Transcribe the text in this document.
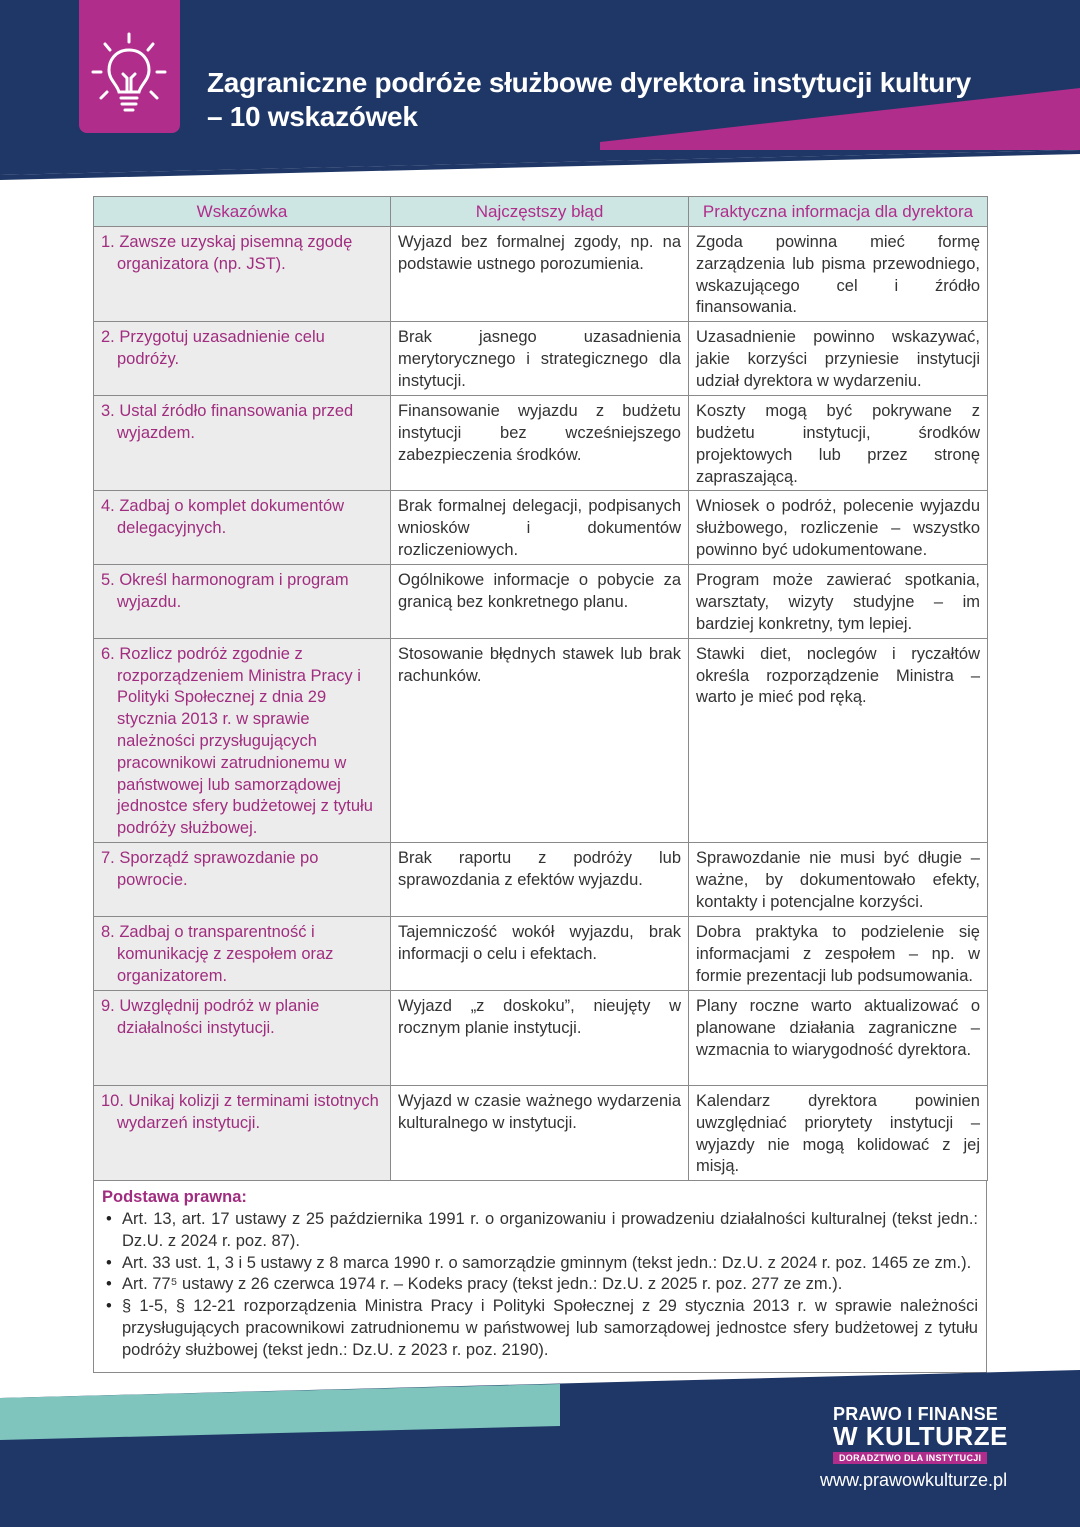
Zagraniczne podróże służbowe dyrektora instytucji kultury
– 10 wskazówek
Wskazówka	Najczęstszy błąd	Praktyczna informacja dla dyrektora

1. Zawsze uzyskaj pisemną zgodę organizatora (np. JST).	Wyjazd bez formalnej zgody, np. na podstawie ustnego porozumienia.	Zgoda powinna mieć formę zarządzenia lub pisma przewodniego, wskazującego cel i źródło finansowania.

2. Przygotuj uzasadnienie celu podróży.	Brak jasnego uzasadnienia merytorycznego i strategicznego dla instytucji.	Uzasadnienie powinno wskazywać, jakie korzyści przyniesie instytucji udział dyrektora w wydarzeniu.

3. Ustal źródło finansowania przed wyjazdem.	Finansowanie wyjazdu z budżetu instytucji bez wcześniejszego zabezpieczenia środków.	Koszty mogą być pokrywane z budżetu instytucji, środków projektowych lub przez stronę zapraszającą.

4. Zadbaj o komplet dokumentów delegacyjnych.	Brak formalnej delegacji, podpisanych wniosków i dokumentów rozliczeniowych.	Wniosek o podróż, polecenie wyjazdu służbowego, rozliczenie – wszystko powinno być udokumentowane.

5. Określ harmonogram i program wyjazdu.	Ogólnikowe informacje o pobycie za granicą bez konkretnego planu.	Program może zawierać spotkania, warsztaty, wizyty studyjne – im bardziej konkretny, tym lepiej.

6. Rozlicz podróż zgodnie z rozporządzeniem Ministra Pracy i Polityki Społecznej z dnia 29 stycznia 2013 r. w sprawie należności przysługujących pracownikowi zatrudnionemu w państwowej lub samorządowej jednostce sfery budżetowej z tytułu podróży służbowej.	Stosowanie błędnych stawek lub brak rachunków.	Stawki diet, noclegów i ryczałtów określa rozporządzenie Ministra – warto je mieć pod ręką.

7. Sporządź sprawozdanie po powrocie.	Brak raportu z podróży lub sprawozdania z efektów wyjazdu.	Sprawozdanie nie musi być długie – ważne, by dokumentowało efekty, kontakty i potencjalne korzyści.

8. Zadbaj o transparentność i komunikację z zespołem oraz organizatorem.	Tajemniczość wokół wyjazdu, brak informacji o celu i efektach.	Dobra praktyka to podzielenie się informacjami z zespołem – np. w formie prezentacji lub podsumowania.

9. Uwzględnij podróż w planie działalności instytucji.	Wyjazd „z doskoku”, nieujęty w rocznym planie instytucji.	Plany roczne warto aktualizować o planowane działania zagraniczne – wzmacnia to wiarygodność dyrektora.

10. Unikaj kolizji z terminami istotnych wydarzeń instytucji.	Wyjazd w czasie ważnego wydarzenia kulturalnego w instytucji.	Kalendarz dyrektora powinien uwzględniać priorytety instytucji – wyjazdy nie mogą kolidować z jej misją.
Podstawa prawna:
• Art. 13, art. 17 ustawy z 25 października 1991 r. o organizowaniu i prowadzeniu działalności kulturalnej (tekst jedn.: Dz.U. z 2024 r. poz. 87).
• Art. 33 ust. 1, 3 i 5 ustawy z 8 marca 1990 r. o samorządzie gminnym (tekst jedn.: Dz.U. z 2024 r. poz. 1465 ze zm.).
• Art. 77⁵ ustawy z 26 czerwca 1974 r. – Kodeks pracy (tekst jedn.: Dz.U. z 2025 r. poz. 277 ze zm.).
• § 1-5, § 12-21 rozporządzenia Ministra Pracy i Polityki Społecznej z 29 stycznia 2013 r. w sprawie należności przysługujących pracownikowi zatrudnionemu w państwowej lub samorządowej jednostce sfery budżetowej z tytułu podróży służbowej (tekst jedn.: Dz.U. z 2023 r. poz. 2190).
PRAWO I FINANSE
W KULTURZE
DORADZTWO DLA INSTYTUCJI
www.prawowkulturze.pl
